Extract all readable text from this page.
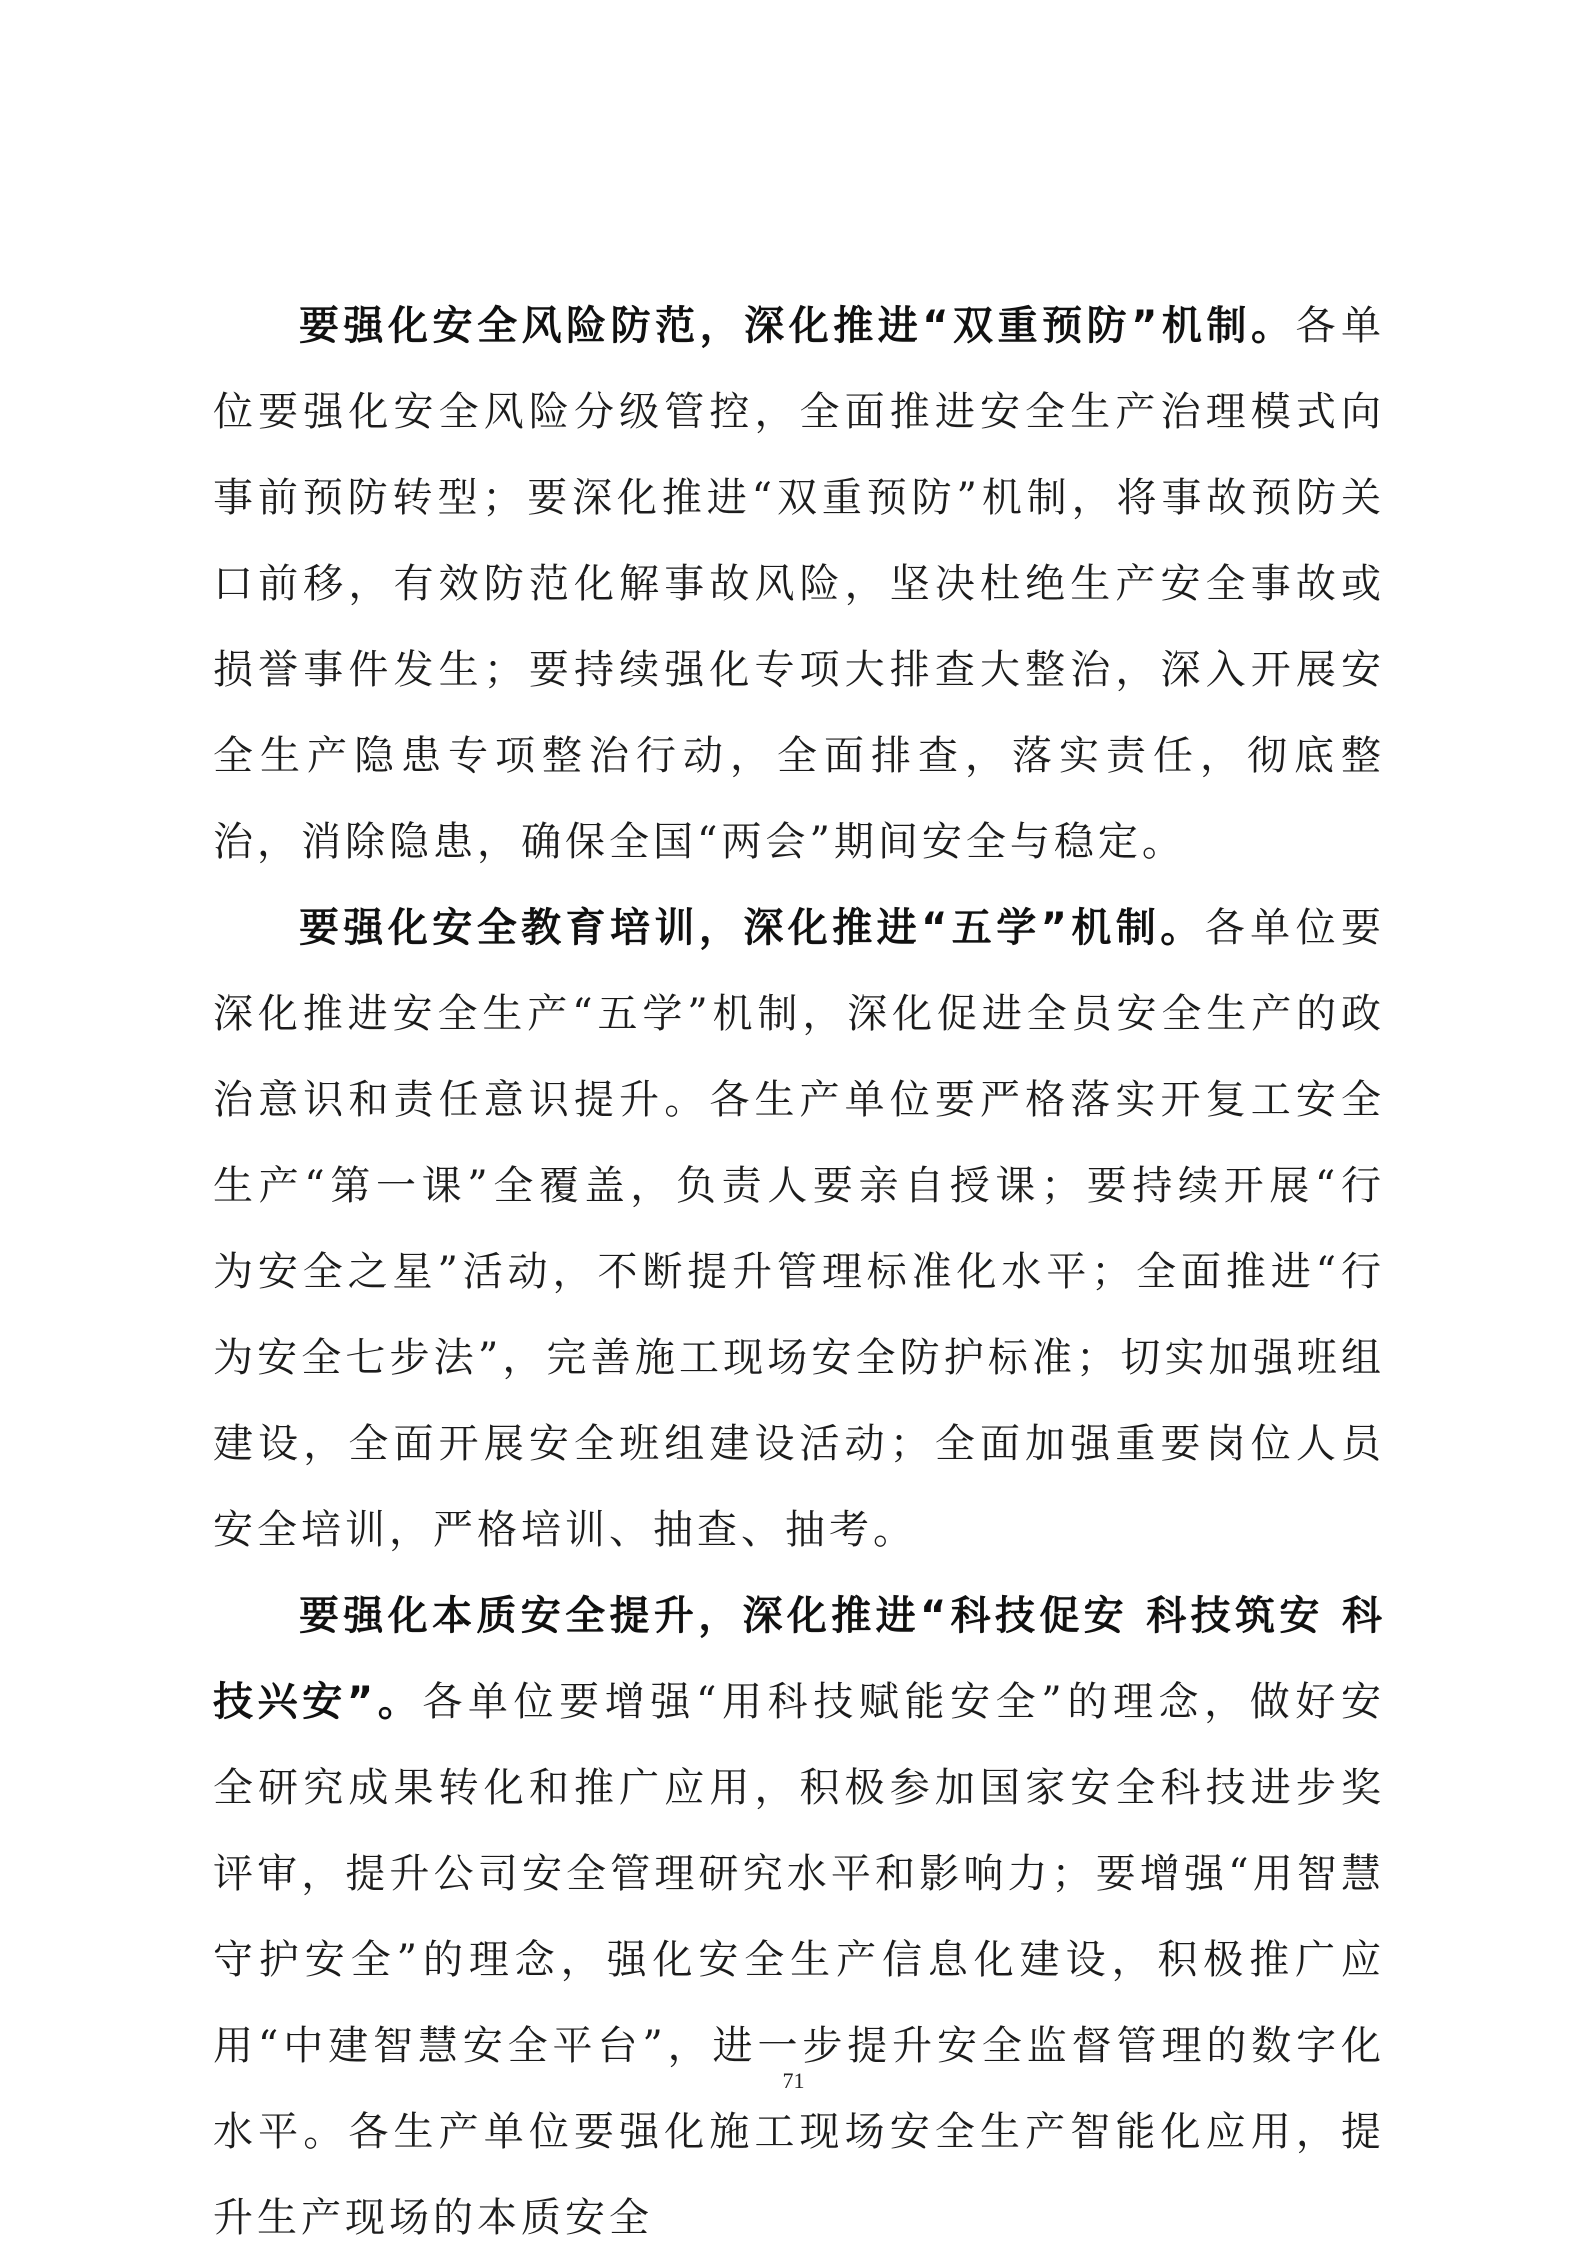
要强化安全风险防范，深化推进“双重预防”机制。各单位要强化安全风险分级管控，全面推进安全生产治理模式向事前预防转型；要深化推进“双重预防”机制，将事故预防关口前移，有效防范化解事故风险，坚决杜绝生产安全事故或损誉事件发生；要持续强化专项大排查大整治，深入开展安全生产隐患专项整治行动，全面排查，落实责任，彻底整治，消除隐患，确保全国“两会”期间安全与稳定。

要强化安全教育培训，深化推进“五学”机制。各单位要深化推进安全生产“五学”机制，深化促进全员安全生产的政治意识和责任意识提升。各生产单位要严格落实开复工安全生产“第一课”全覆盖，负责人要亲自授课；要持续开展“行为安全之星”活动，不断提升管理标准化水平；全面推进“行为安全七步法”，完善施工现场安全防护标准；切实加强班组建设，全面开展安全班组建设活动；全面加强重要岗位人员安全培训，严格培训、抽查、抽考。

要强化本质安全提升，深化推进“科技促安 科技筑安 科技兴安”。各单位要增强“用科技赋能安全”的理念，做好安全研究成果转化和推广应用，积极参加国家安全科技进步奖评审，提升公司安全管理研究水平和影响力；要增强“用智慧守护安全”的理念，强化安全生产信息化建设，积极推广应用“中建智慧安全平台”，进一步提升安全监督管理的数字化水平。各生产单位要强化施工现场安全生产智能化应用，提升生产现场的本质安全

71
